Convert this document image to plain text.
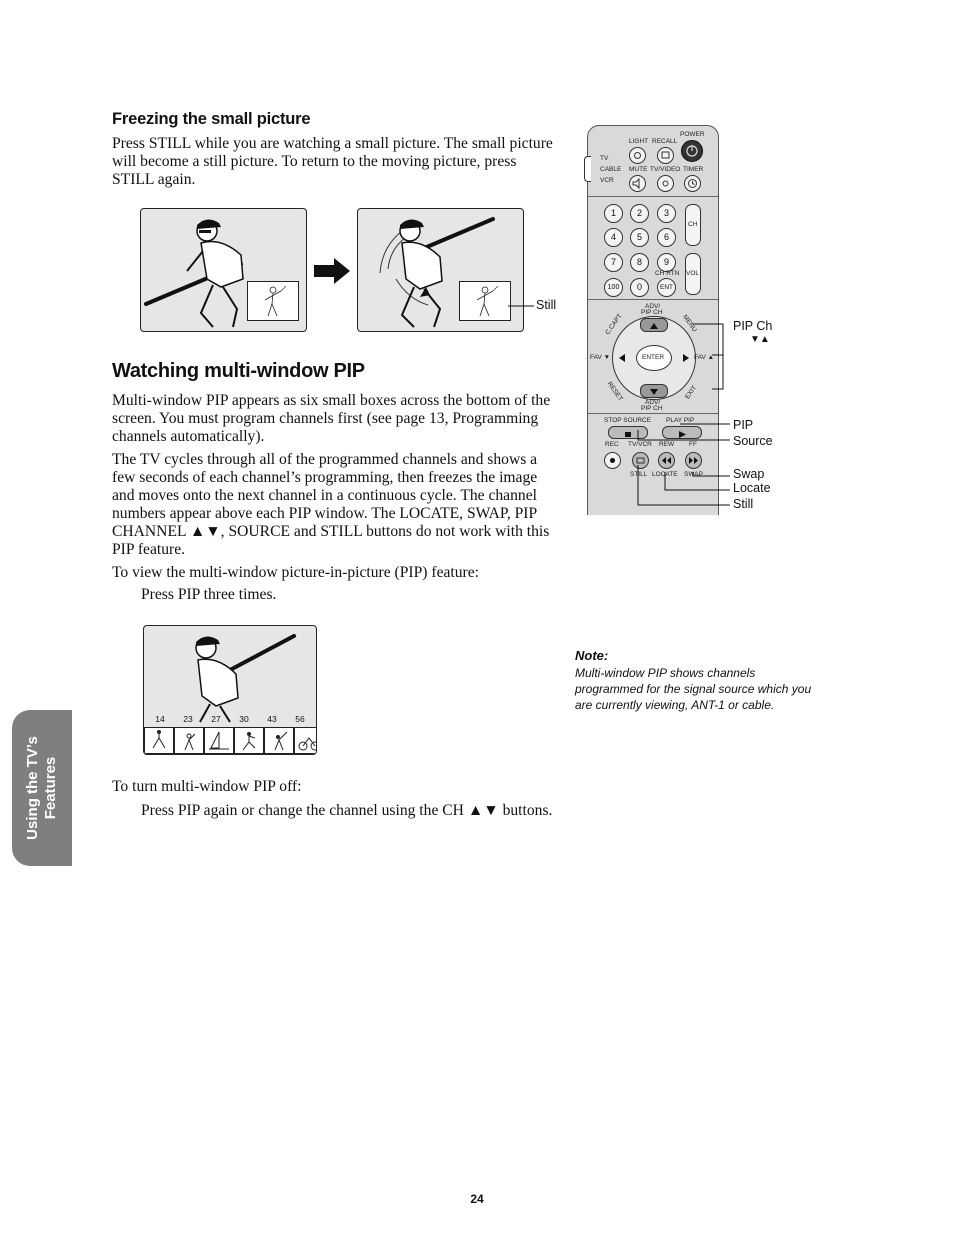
Freezing the small picture

Press STILL while you are watching a small picture. The small picture will become a still picture. To return to the moving picture, press STILL again.

Still
Watching multi-window PIP

Multi-window PIP appears as six small boxes across the bottom of the screen. You must program channels first (see page 13, Programming channels automatically).

The TV cycles through all of the programmed channels and shows a few seconds of each channel’s programming, then freezes the image and moves onto the next channel in a continuous cycle. The channel numbers appear above each PIP window. The LOCATE, SWAP, PIP CHANNEL ▲▼, SOURCE and STILL buttons do not work with this PIP feature.

To view the multi-window picture-in-picture (PIP) feature:

Press PIP three times.

14 23 27 30 43 56

To turn multi-window PIP off:

Press PIP again or change the channel using the CH ▲▼ buttons.

Using the TV’s Features
POWER
LIGHT RECALL
TV
CABLE
VCR
MUTE TV/VIDEO TIMER
1	2	3
4	5	6
7	8	9
100	0	ENT
CH
CH RTN VOL
ADV/
PIP CH
ENTER
FAV ▼	FAV ▲
C.CAPT	MENU
RESET	EXIT
ADV/
PIP CH
STOP SOURCE PLAY PIP
REC TV/VCR REW FF
STILL LOCATE SWAP
PIP Ch
▼▲
PIP
Source
Swap
Locate
Still
Note:
Multi-window PIP shows channels programmed for the signal source which you are currently viewing, ANT-1 or cable.
24
